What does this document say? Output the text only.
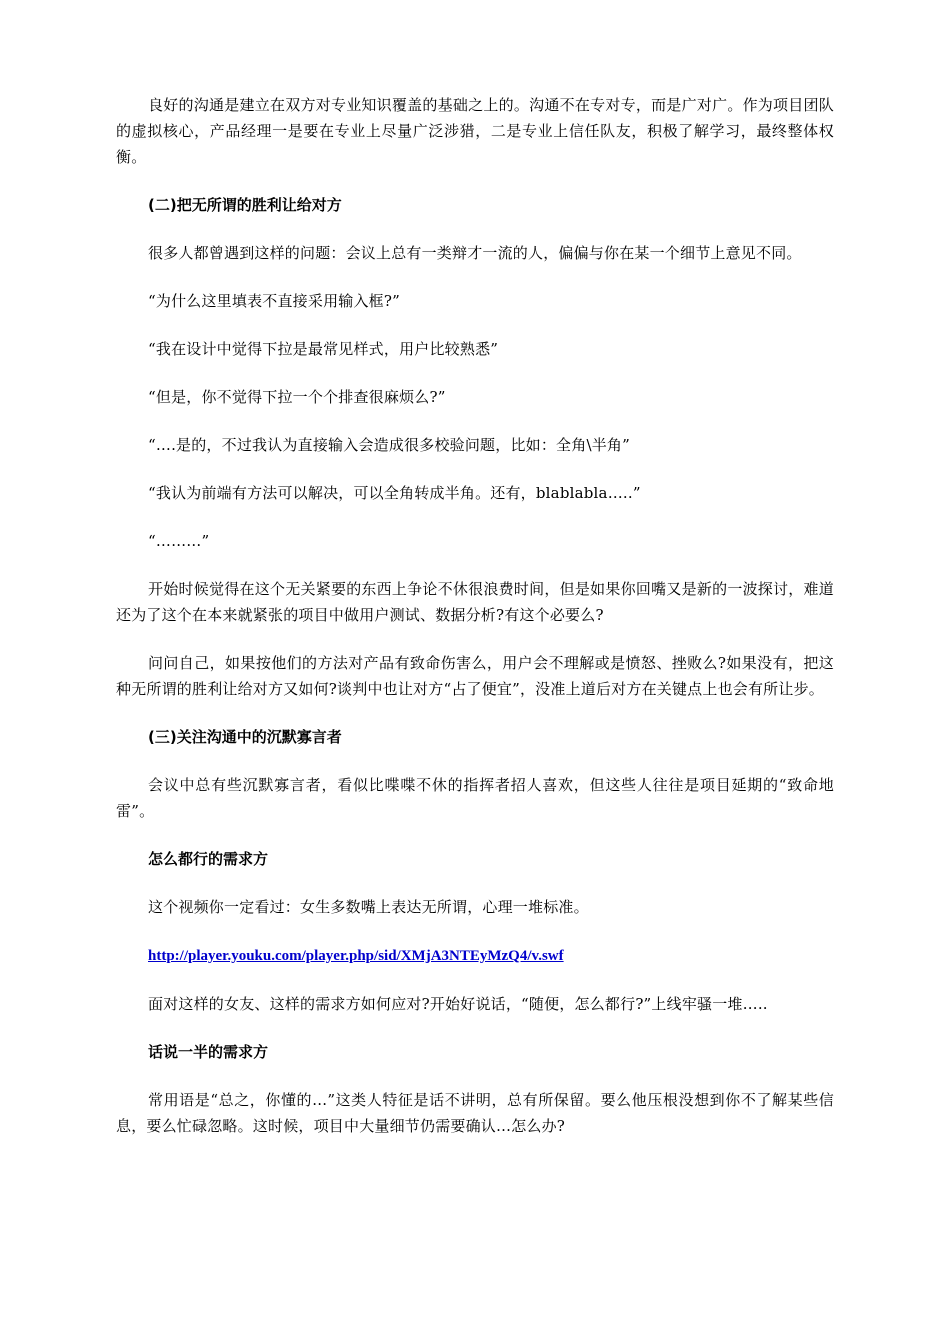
良好的沟通是建立在双方对专业知识覆盖的基础之上的。沟通不在专对专，而是广对广。作为项目团队的虚拟核心，产品经理一是要在专业上尽量广泛涉猎，二是专业上信任队友，积极了解学习，最终整体权衡。

(二)把无所谓的胜利让给对方

很多人都曾遇到这样的问题：会议上总有一类辩才一流的人，偏偏与你在某一个细节上意见不同。

“为什么这里填表不直接采用输入框?”

“我在设计中觉得下拉是最常见样式，用户比较熟悉”

“但是，你不觉得下拉一个个排查很麻烦么?”

“….是的，不过我认为直接输入会造成很多校验问题，比如：全角\半角”

“我认为前端有方法可以解决，可以全角转成半角。还有，blablabla…..”

“………”

开始时候觉得在这个无关紧要的东西上争论不休很浪费时间，但是如果你回嘴又是新的一波探讨，难道还为了这个在本来就紧张的项目中做用户测试、数据分析?有这个必要么?

问问自己，如果按他们的方法对产品有致命伤害么，用户会不理解或是愤怒、挫败么?如果没有，把这种无所谓的胜利让给对方又如何?谈判中也让对方“占了便宜”，没准上道后对方在关键点上也会有所让步。

(三)关注沟通中的沉默寡言者

会议中总有些沉默寡言者，看似比喋喋不休的指挥者招人喜欢，但这些人往往是项目延期的“致命地雷”。

怎么都行的需求方

这个视频你一定看过：女生多数嘴上表达无所谓，心理一堆标准。

http://player.youku.com/player.php/sid/XMjA3NTEyMzQ4/v.swf

面对这样的女友、这样的需求方如何应对?开始好说话，“随便，怎么都行?”上线牢骚一堆…..

话说一半的需求方

常用语是“总之，你懂的…”这类人特征是话不讲明，总有所保留。要么他压根没想到你不了解某些信息，要么忙碌忽略。这时候，项目中大量细节仍需要确认…怎么办?
